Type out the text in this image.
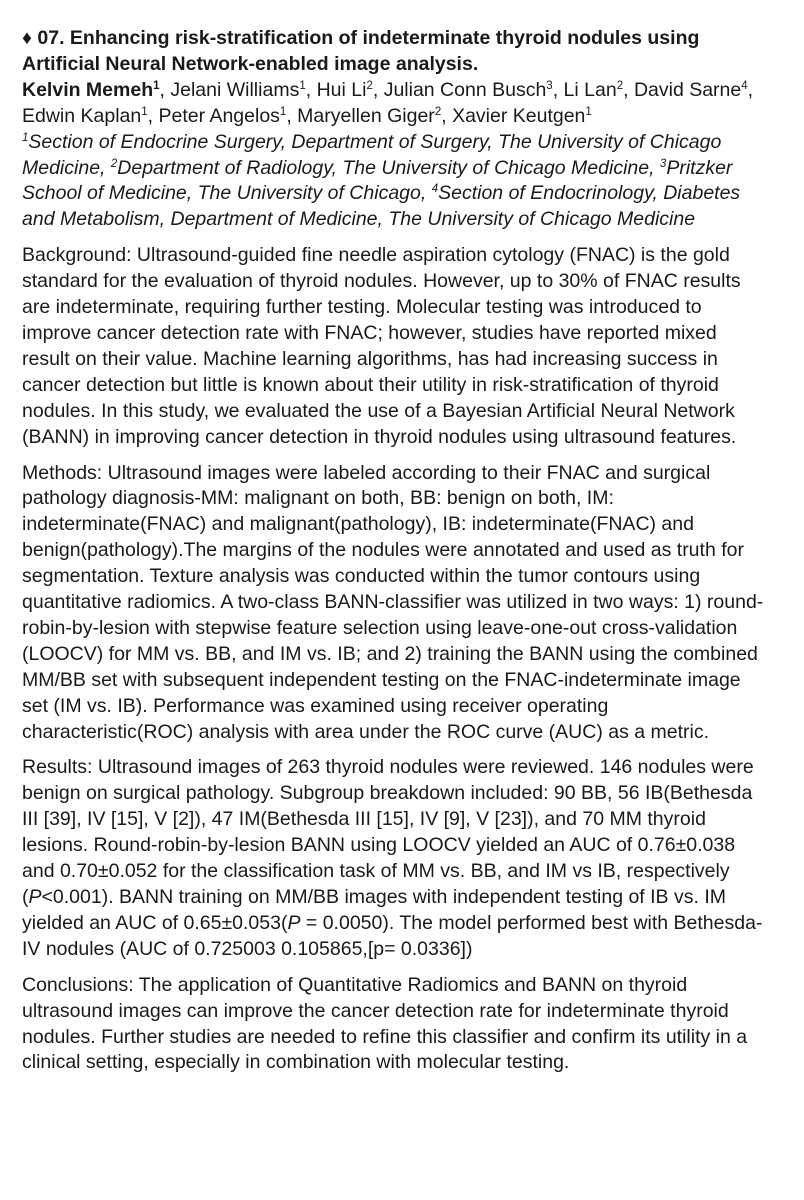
♦ 07. Enhancing risk-stratification of indeterminate thyroid nodules using Artificial Neural Network-enabled image analysis.

Kelvin Memeh$^1$, Jelani Williams$^1$, Hui Li$^2$, Julian Conn Busch$^3$, Li Lan$^2$, David Sarne$^4$, Edwin Kaplan$^1$, Peter Angelos$^1$, Maryellen Giger$^2$, Xavier Keutgen$^1$

$^1$Section of Endocrine Surgery, Department of Surgery, The University of Chicago Medicine, $^2$Department of Radiology, The University of Chicago Medicine, $^3$Pritzker School of Medicine, The University of Chicago, $^4$Section of Endocrinology, Diabetes and Metabolism, Department of Medicine, The University of Chicago Medicine

Background: Ultrasound-guided fine needle aspiration cytology (FNAC) is the gold standard for the evaluation of thyroid nodules. However, up to 30% of FNAC results are indeterminate, requiring further testing. Molecular testing was introduced to improve cancer detection rate with FNAC; however, studies have reported mixed result on their value. Machine learning algorithms, has had increasing success in cancer detection but little is known about their utility in risk-stratification of thyroid nodules. In this study, we evaluated the use of a Bayesian Artificial Neural Network (BANN) in improving cancer detection in thyroid nodules using ultrasound features.

Methods: Ultrasound images were labeled according to their FNAC and surgical pathology diagnosis-MM: malignant on both, BB: benign on both, IM: indeterminate(FNAC) and malignant(pathology), IB: indeterminate(FNAC) and benign(pathology).The margins of the nodules were annotated and used as truth for segmentation. Texture analysis was conducted within the tumor contours using quantitative radiomics. A two-class BANN-classifier was utilized in two ways: 1) round-robin-by-lesion with stepwise feature selection using leave-one-out cross-validation (LOOCV) for MM vs. BB, and IM vs. IB; and 2) training the BANN using the combined MM/BB set with subsequent independent testing on the FNAC-indeterminate image set (IM vs. IB). Performance was examined using receiver operating characteristic(ROC) analysis with area under the ROC curve (AUC) as a metric.

Results: Ultrasound images of 263 thyroid nodules were reviewed. 146 nodules were benign on surgical pathology. Subgroup breakdown included: 90 BB, 56 IB(Bethesda III [39], IV [15], V [2]), 47 IM(Bethesda III [15], IV [9], V [23]), and 70 MM thyroid lesions. Round-robin-by-lesion BANN using LOOCV yielded an AUC of 0.76±0.038 and 0.70±0.052 for the classification task of MM vs. BB, and IM vs IB, respectively (P<0.001). BANN training on MM/BB images with independent testing of IB vs. IM yielded an AUC of 0.65±0.053(P = 0.0050). The model performed best with Bethesda-IV nodules (AUC of 0.725003 0.105865,[p= 0.0336])

Conclusions: The application of Quantitative Radiomics and BANN on thyroid ultrasound images can improve the cancer detection rate for indeterminate thyroid nodules. Further studies are needed to refine this classifier and confirm its utility in a clinical setting, especially in combination with molecular testing.
